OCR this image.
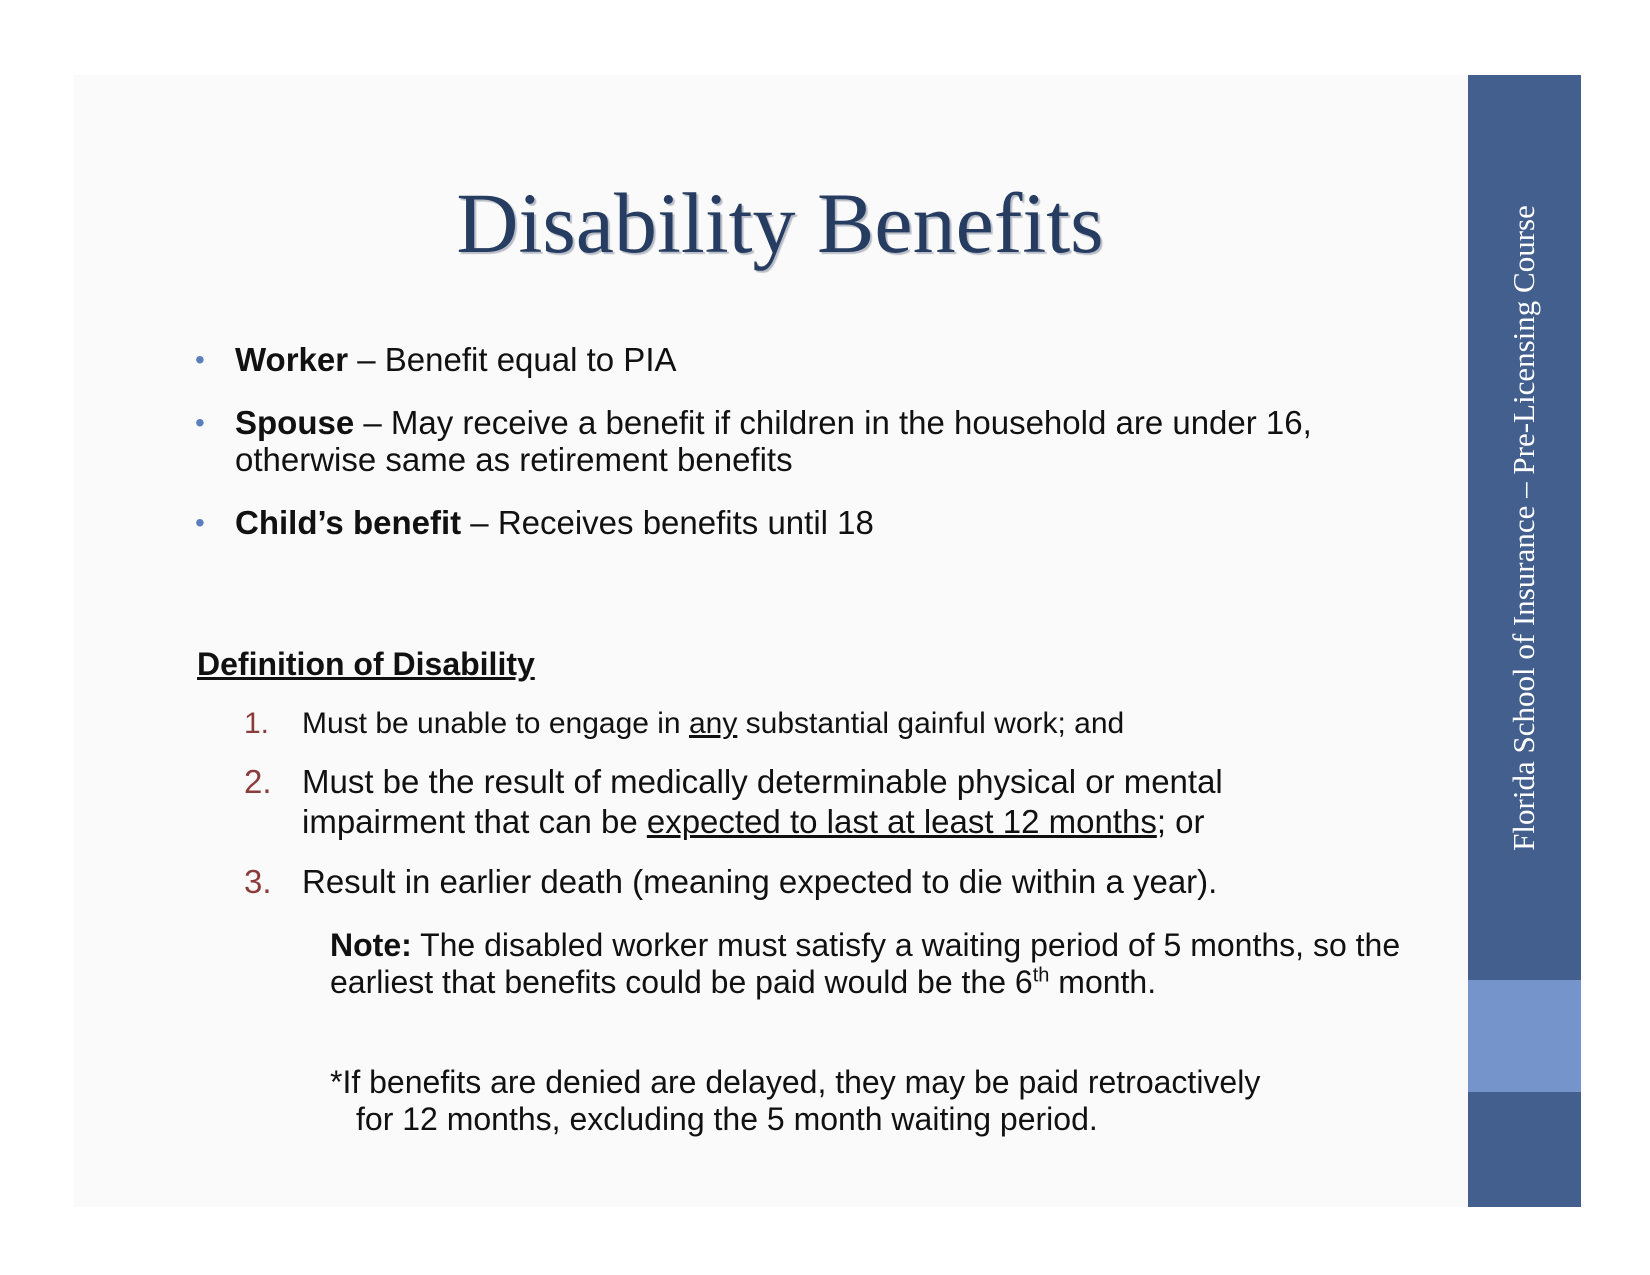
Florida School of Insurance – Pre-Licensing Course
Disability Benefits
• Worker – Benefit equal to PIA
• Spouse – May receive a benefit if children in the household are under 16, otherwise same as retirement benefits
• Child’s benefit – Receives benefits until 18
Definition of Disability
1. Must be unable to engage in any substantial gainful work; and
2. Must be the result of medically determinable physical or mental impairment that can be expected to last at least 12 months; or
3. Result in earlier death (meaning expected to die within a year).
Note: The disabled worker must satisfy a waiting period of 5 months, so the earliest that benefits could be paid would be the 6th month.
*If benefits are denied are delayed, they may be paid retroactively
for 12 months, excluding the 5 month waiting period.
